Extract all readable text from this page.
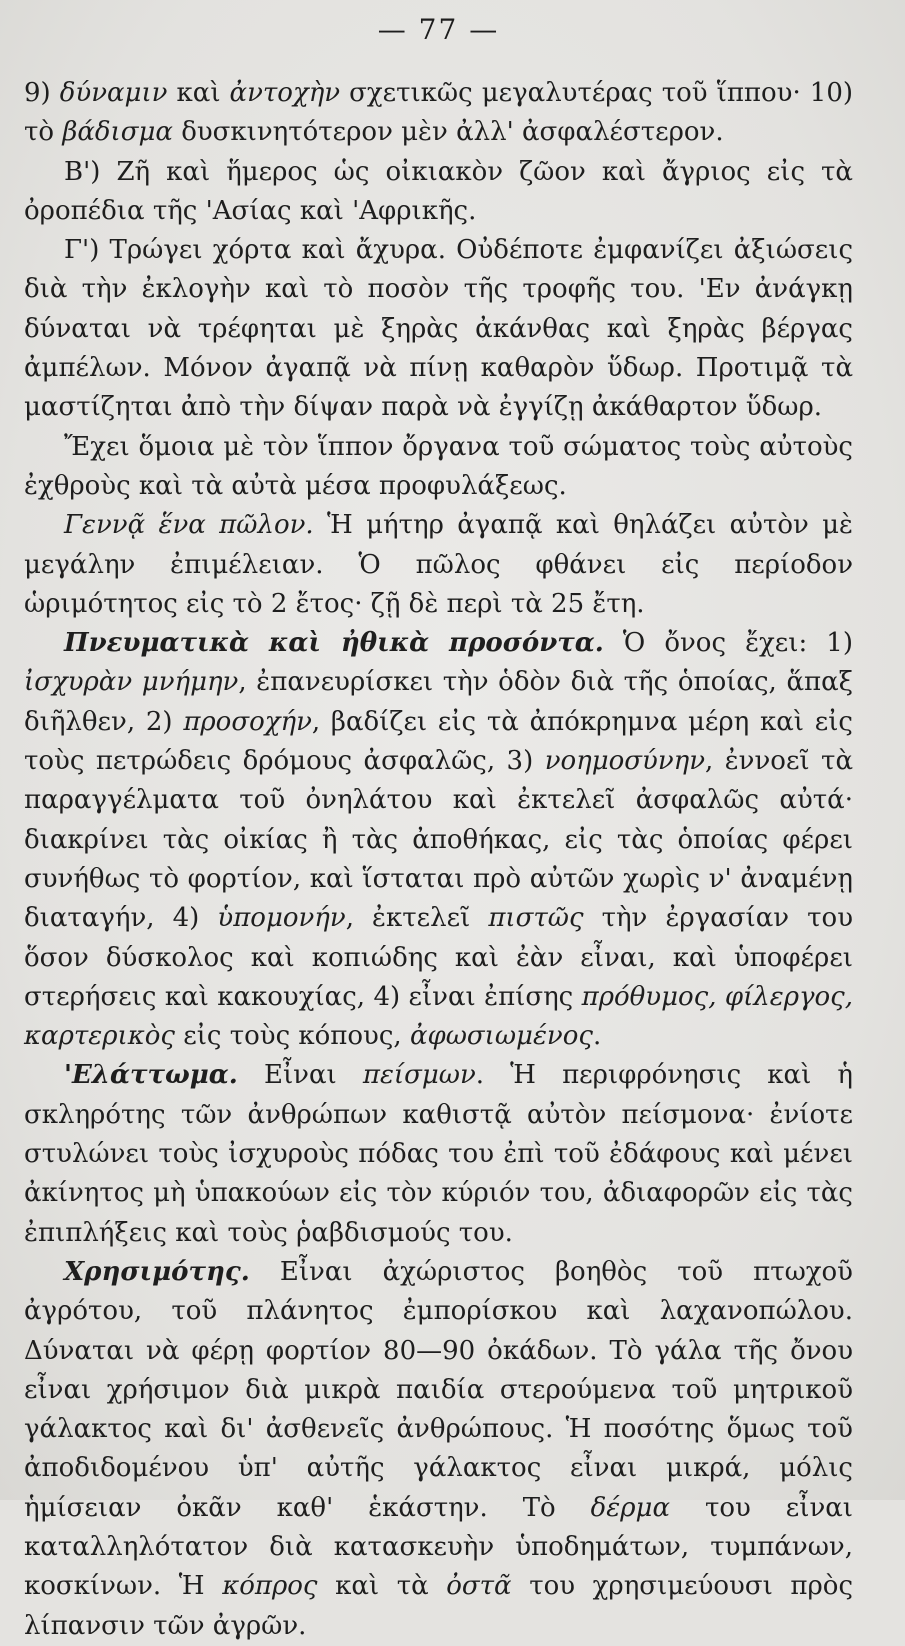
— 77 —

9) δύναμιν καὶ ἀντοχὴν σχετικῶς μεγαλυτέρας τοῦ ἵππου· 10) τὸ βάδισμα δυσκινητότερον μὲν ἀλλ' ἀσφαλέστερον.

Β') Ζῆ καὶ ἥμερος ὡς οἰκιακὸν ζῶον καὶ ἄγριος εἰς τὰ ὀροπέδια τῆς 'Ασίας καὶ 'Αφρικῆς.

Γ') Τρώγει χόρτα καὶ ἄχυρα. Οὐδέποτε ἐμφανίζει ἀξιώσεις διὰ τὴν ἐκλογὴν καὶ τὸ ποσὸν τῆς τροφῆς του. 'Εν ἀνάγκῃ δύναται νὰ τρέφηται μὲ ξηρὰς ἀκάνθας καὶ ξηρὰς βέργας ἀμπέλων. Μόνον ἀγαπᾷ νὰ πίνῃ καθαρὸν ὕδωρ. Προτιμᾷ τὰ μαστίζηται ἀπὸ τὴν δίψαν παρὰ νὰ ἐγγίζῃ ἀκάθαρτον ὕδωρ.

Ἔχει ὅμοια μὲ τὸν ἵππον ὄργανα τοῦ σώματος τοὺς αὐτοὺς ἐχθροὺς καὶ τὰ αὐτὰ μέσα προφυλάξεως.

Γεννᾷ ἕνα πῶλον. Ἡ μήτηρ ἀγαπᾷ καὶ θηλάζει αὐτὸν μὲ μεγάλην ἐπιμέλειαν. Ὁ πῶλος φθάνει εἰς περίοδον ὡριμότητος εἰς τὸ 2 ἔτος· ζῇ δὲ περὶ τὰ 25 ἔτη.

Πνευματικὰ καὶ ἠθικὰ προσόντα. Ὁ ὄνος ἔχει: 1) ἰσχυρὰν μνήμην, ἐπανευρίσκει τὴν ὁδὸν διὰ τῆς ὁποίας, ἅπαξ διῆλθεν, 2) προσοχήν, βαδίζει εἰς τὰ ἀπόκρημνα μέρη καὶ εἰς τοὺς πετρώδεις δρόμους ἀσφαλῶς, 3) νοημοσύνην, ἐννοεῖ τὰ παραγγέλματα τοῦ ὀνηλάτου καὶ ἐκτελεῖ ἀσφαλῶς αὐτά· διακρίνει τὰς οἰκίας ἢ τὰς ἀποθήκας, εἰς τὰς ὁποίας φέρει συνήθως τὸ φορτίον, καὶ ἵσταται πρὸ αὐτῶν χωρὶς ν' ἀναμένῃ διαταγήν, 4) ὑπομονήν, ἐκτελεῖ πιστῶς τὴν ἐργασίαν του ὅσον δύσκολος καὶ κοπιώδης καὶ ἐὰν εἶναι, καὶ ὑποφέρει στερήσεις καὶ κακουχίας, 4) εἶναι ἐπίσης πρόθυμος, φίλεργος, καρτερικὸς εἰς τοὺς κόπους, ἀφωσιωμένος.

'Ελάττωμα. Εἶναι πείσμων. Ἡ περιφρόνησις καὶ ἡ σκληρότης τῶν ἀνθρώπων καθιστᾷ αὐτὸν πείσμονα· ἐνίοτε στυλώνει τοὺς ἰσχυροὺς πόδας του ἐπὶ τοῦ ἐδάφους καὶ μένει ἀκίνητος μὴ ὑπακούων εἰς τὸν κύριόν του, ἀδιαφορῶν εἰς τὰς ἐπιπλήξεις καὶ τοὺς ῥαβδισμούς του.

Χρησιμότης. Εἶναι ἀχώριστος βοηθὸς τοῦ πτωχοῦ ἀγρότου, τοῦ πλάνητος ἐμπορίσκου καὶ λαχανοπώλου. Δύναται νὰ φέρῃ φορτίον 80—90 ὀκάδων. Τὸ γάλα τῆς ὄνου εἶναι χρήσιμον διὰ μικρὰ παιδία στερούμενα τοῦ μητρικοῦ γάλακτος καὶ δι' ἀσθενεῖς ἀνθρώπους. Ἡ ποσότης ὅμως τοῦ ἀποδιδομένου ὑπ' αὐτῆς γάλακτος εἶναι μικρά, μόλις ἡμίσειαν ὀκᾶν καθ' ἑκάστην. Τὸ δέρμα του εἶναι καταλληλότατον διὰ κατασκευὴν ὑποδημάτων, τυμπάνων, κοσκίνων. Ἡ κόπρος καὶ τὰ ὀστᾶ του χρησιμεύουσι πρὸς λίπανσιν τῶν ἀγρῶν.
